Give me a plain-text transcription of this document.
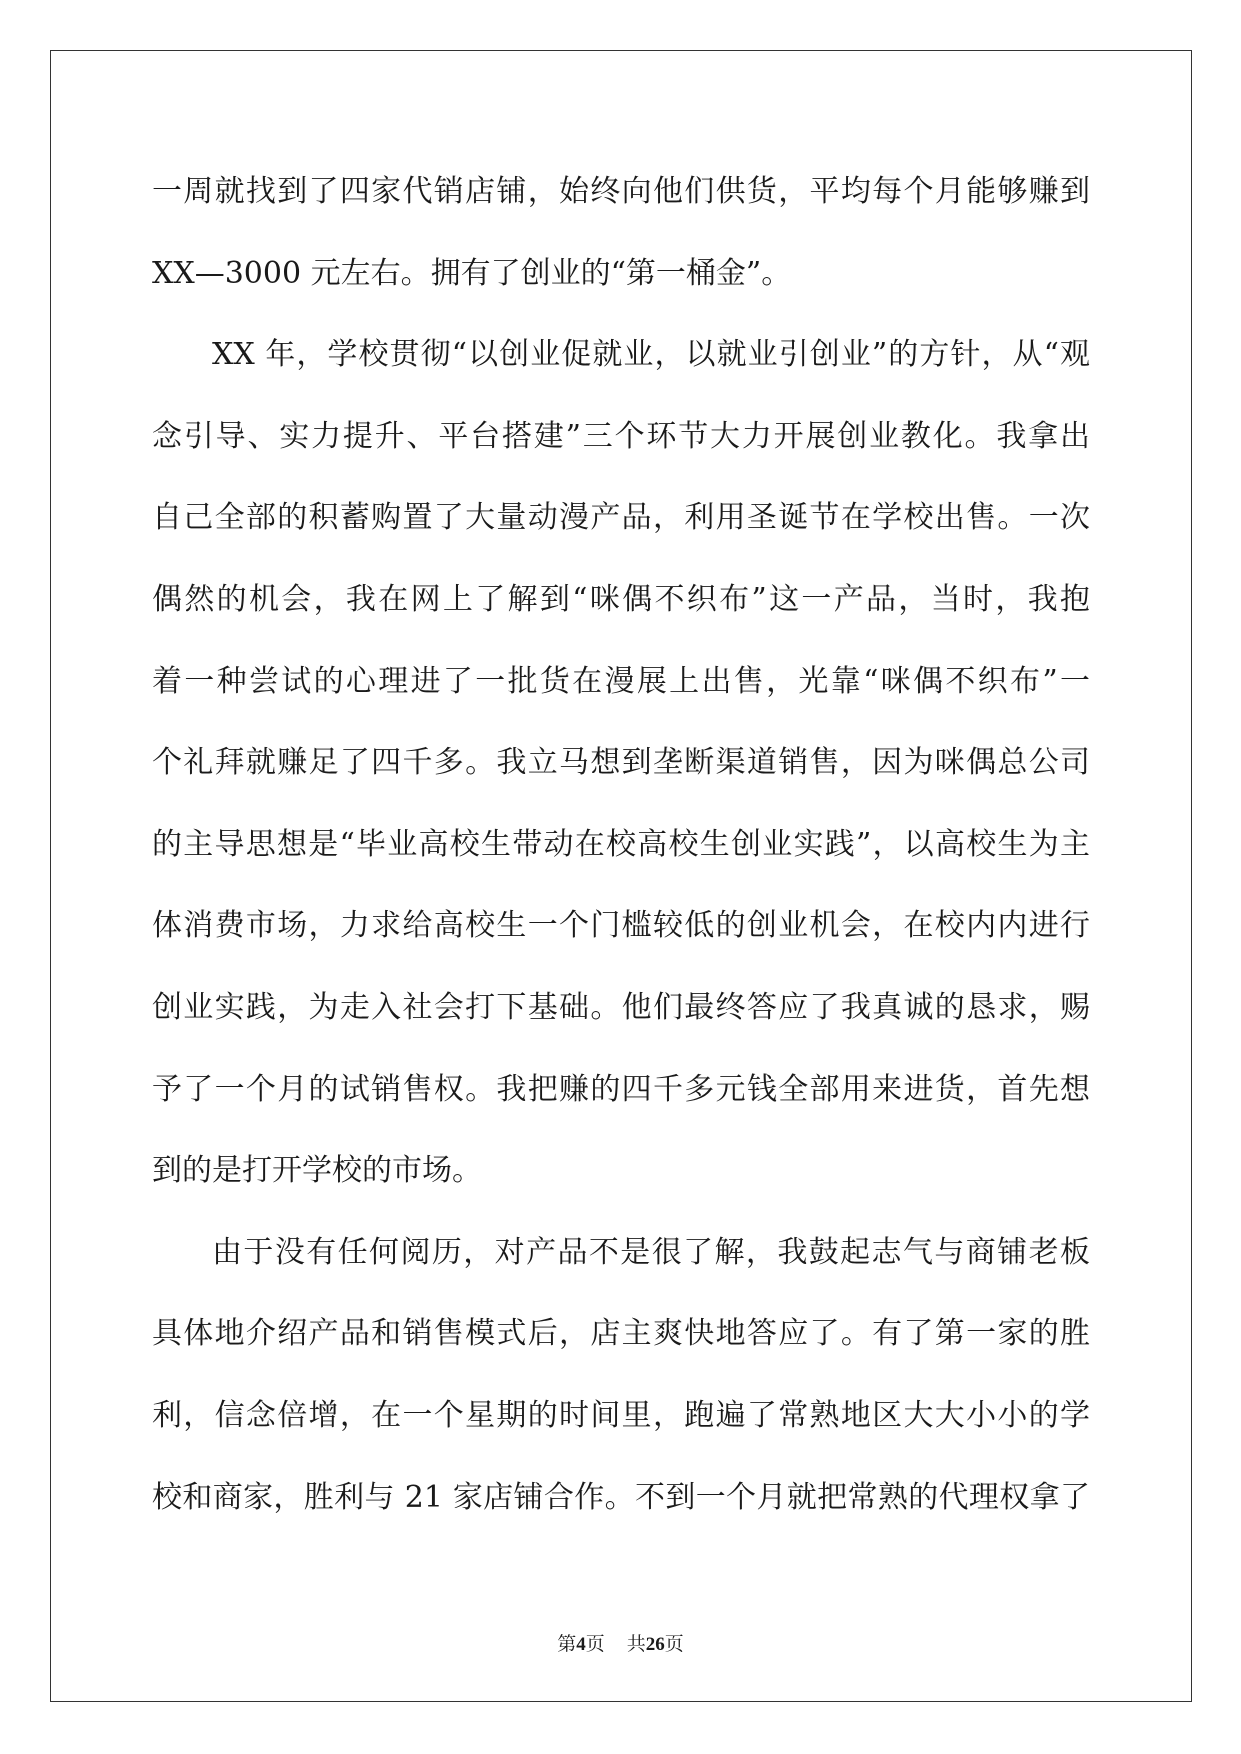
一周就找到了四家代销店铺，始终向他们供货，平均每个月能够赚到
XX—3000 元左右。拥有了创业的“第一桶金”。
XX 年，学校贯彻“以创业促就业，以就业引创业”的方针，从“观
念引导、实力提升、平台搭建”三个环节大力开展创业教化。我拿出
自己全部的积蓄购置了大量动漫产品，利用圣诞节在学校出售。一次
偶然的机会，我在网上了解到“咪偶不织布”这一产品，当时，我抱
着一种尝试的心理进了一批货在漫展上出售，光靠“咪偶不织布”一
个礼拜就赚足了四千多。我立马想到垄断渠道销售，因为咪偶总公司
的主导思想是“毕业高校生带动在校高校生创业实践”，以高校生为主
体消费市场，力求给高校生一个门槛较低的创业机会，在校内内进行
创业实践，为走入社会打下基础。他们最终答应了我真诚的恳求，赐
予了一个月的试销售权。我把赚的四千多元钱全部用来进货，首先想
到的是打开学校的市场。
由于没有任何阅历，对产品不是很了解，我鼓起志气与商铺老板
具体地介绍产品和销售模式后，店主爽快地答应了。有了第一家的胜
利，信念倍增，在一个星期的时间里，跑遍了常熟地区大大小小的学
校和商家，胜利与 21 家店铺合作。不到一个月就把常熟的代理权拿了
第4页 共26页
